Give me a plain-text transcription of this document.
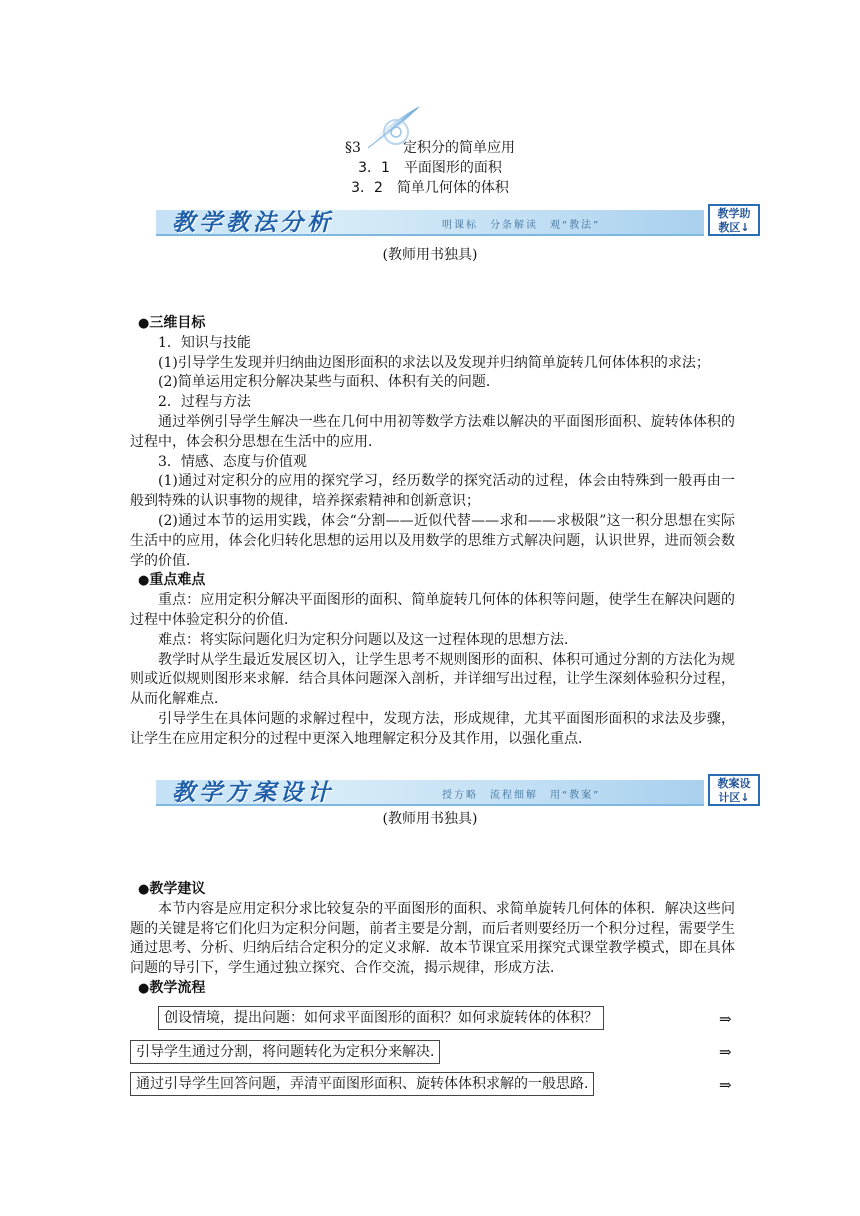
§3	定积分的简单应用
3．1　平面图形的面积
3．2　简单几何体的体积
教学教法分析	明课标　分条解读　观“教法”
教学助
教区↓
(教师用书独具)

●三维目标

1．知识与技能

(1)引导学生发现并归纳曲边图形面积的求法以及发现并归纳简单旋转几何体体积的求法；

(2)简单运用定积分解决某些与面积、体积有关的问题．

2．过程与方法

通过举例引导学生解决一些在几何中用初等数学方法难以解决的平面图形面积、旋转体体积的过程中，体会积分思想在生活中的应用．

3．情感、态度与价值观

(1)通过对定积分的应用的探究学习，经历数学的探究活动的过程，体会由特殊到一般再由一般到特殊的认识事物的规律，培养探索精神和创新意识；

(2)通过本节的运用实践，体会“分割——近似代替——求和——求极限”这一积分思想在实际生活中的应用，体会化归转化思想的运用以及用数学的思维方式解决问题，认识世界，进而领会数学的价值．

●重点难点

重点：应用定积分解决平面图形的面积、简单旋转几何体的体积等问题，使学生在解决问题的过程中体验定积分的价值．

难点：将实际问题化归为定积分问题以及这一过程体现的思想方法．

教学时从学生最近发展区切入，让学生思考不规则图形的面积、体积可通过分割的方法化为规则或近似规则图形来求解．结合具体问题深入剖析，并详细写出过程，让学生深刻体验积分过程，从而化解难点．

引导学生在具体问题的求解过程中，发现方法，形成规律，尤其平面图形面积的求法及步骤，让学生在应用定积分的过程中更深入地理解定积分及其作用，以强化重点．

教学方案设计	授方略　流程细解　用“教案”
教案设
计区↓
(教师用书独具)

●教学建议

本节内容是应用定积分求比较复杂的平面图形的面积、求简单旋转几何体的体积．解决这些问题的关键是将它们化归为定积分问题，前者主要是分割，而后者则要经历一个积分过程，需要学生通过思考、分析、归纳后结合定积分的定义求解．故本节课宜采用探究式课堂教学模式，即在具体问题的导引下，学生通过独立探究、合作交流，揭示规律，形成方法．

●教学流程

创设情境，提出问题：如何求平面图形的面积？如何求旋转体的体积？	⇒
引导学生通过分割，将问题转化为定积分来解决.	⇒
通过引导学生回答问题，弄清平面图形面积、旋转体体积求解的一般思路.	⇒
